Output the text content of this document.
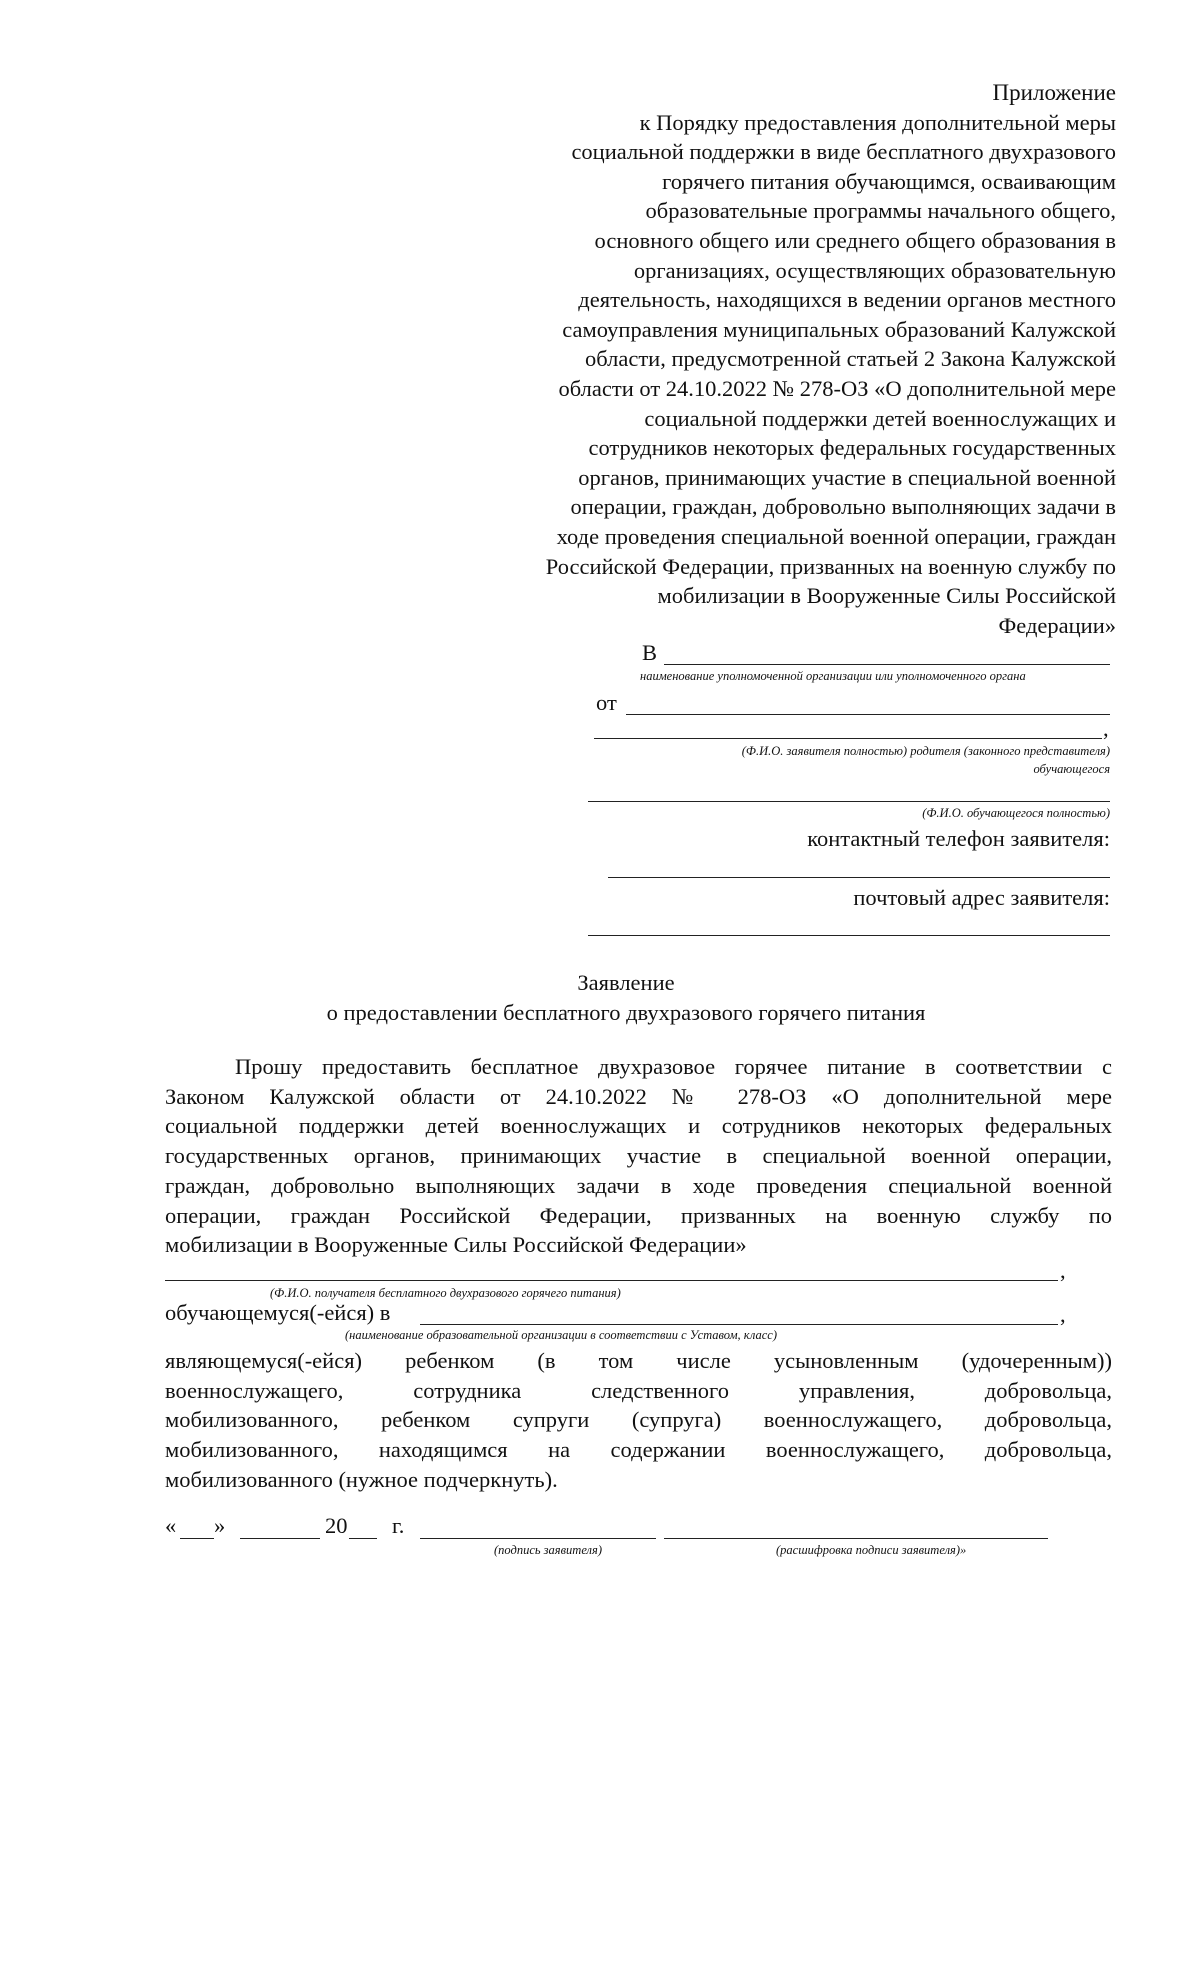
Приложение
к Порядку предоставления дополнительной меры
социальной поддержки в виде бесплатного двухразового
горячего питания обучающимся, осваивающим
образовательные программы начального общего,
основного общего или среднего общего образования в
организациях, осуществляющих образовательную
деятельность, находящихся в ведении органов местного
самоуправления муниципальных образований Калужской
области, предусмотренной статьей 2 Закона Калужской
области от 24.10.2022 № 278-ОЗ «О дополнительной мере
социальной поддержки детей военнослужащих и
сотрудников некоторых федеральных государственных
органов, принимающих участие в специальной военной
операции, граждан, добровольно выполняющих задачи в
ходе проведения специальной военной операции, граждан
Российской Федерации, призванных на военную службу по
мобилизации в Вооруженные Силы Российской
Федерации»
В
наименование уполномоченной организации или уполномоченного органа
от
,
(Ф.И.О. заявителя полностью) родителя (законного представителя)
обучающегося
(Ф.И.О. обучающегося полностью)
контактный телефон заявителя:
почтовый адрес заявителя:
Заявление
о предоставлении бесплатного двухразового горячего питания
Прошу предоставить бесплатное двухразовое горячее питание в соответствии с
Законом Калужской области от 24.10.2022 № 278-ОЗ «О дополнительной мере
социальной поддержки детей военнослужащих и сотрудников некоторых федеральных
государственных органов, принимающих участие в специальной военной операции,
граждан, добровольно выполняющих задачи в ходе проведения специальной военной
операции, граждан Российской Федерации, призванных на военную службу по
мобилизации в Вооруженные Силы Российской Федерации»
,
(Ф.И.О. получателя бесплатного двухразового горячего питания)
обучающемуся(-ейся) в	,
(наименование образовательной организации в соответствии с Уставом, класс)
являющемуся(-ейся) ребенком (в том числе усыновленным (удочеренным))
военнослужащего, сотрудника следственного управления, добровольца,
мобилизованного, ребенком супруги (супруга) военнослужащего, добровольца,
мобилизованного, находящимся на содержании военнослужащего, добровольца,
мобилизованного (нужное подчеркнуть).
« »	20 г.
(подпись заявителя)	(расшифровка подписи заявителя)»
